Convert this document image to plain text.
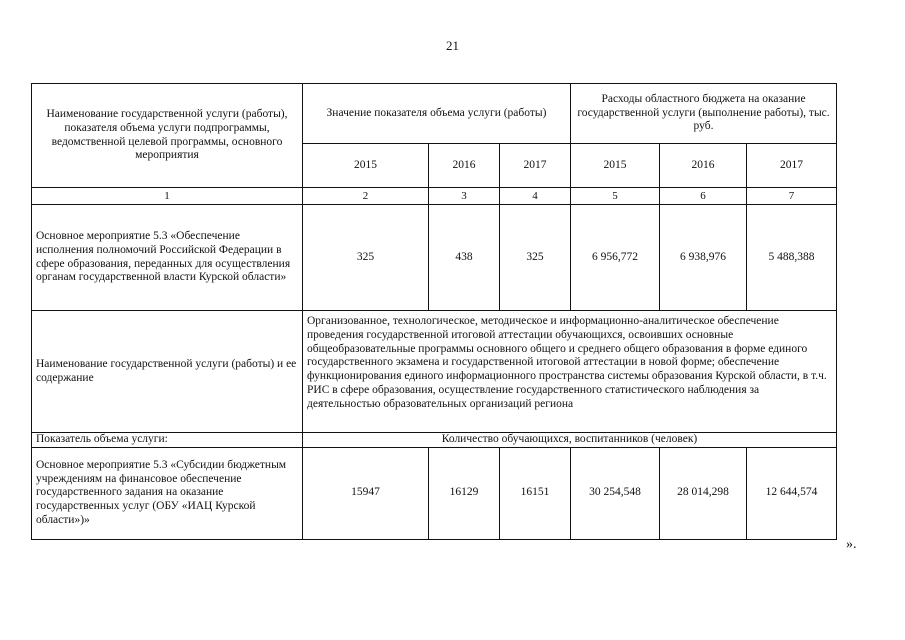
21
Наименование государственной услуги (работы), показателя объема услуги подпрограммы, ведомственной целевой программы, основного мероприятия	Значение показателя объема услуги (работы)			Расходы областного бюджета на оказание государственной услуги (выполнение работы), тыс. руб.		
	2015	2016	2017	2015	2016	2017
1	2	3	4	5	6	7
Основное мероприятие 5.3 «Обеспечение исполнения полномочий Российской Федерации в сфере образования, переданных для осуществления органам государственной власти Курской области»	325	438	325	6 956,772	6 938,976	5 488,388
Наименование государственной услуги (работы) и ее содержание	Организованное, технологическое, методическое и информационно-аналитическое обеспечение проведения государственной итоговой аттестации обучающихся, освоивших основные общеобразовательные программы основного общего и среднего общего образования в форме единого государственного экзамена и государственной итоговой аттестации в новой форме; обеспечение функционирования единого информационного пространства системы образования Курской области, в т.ч. РИС в сфере образования, осуществление государственного статистического наблюдения за деятельностью образовательных организаций региона					
Показатель объема услуги:	Количество обучающихся, воспитанников (человек)					
Основное мероприятие 5.3 «Субсидии бюджетным учреждениям на финансовое обеспечение государственного задания на оказание государственных услуг (ОБУ «ИАЦ Курской области»)»	15947	16129	16151	30 254,548	28 014,298	12 644,574
».
